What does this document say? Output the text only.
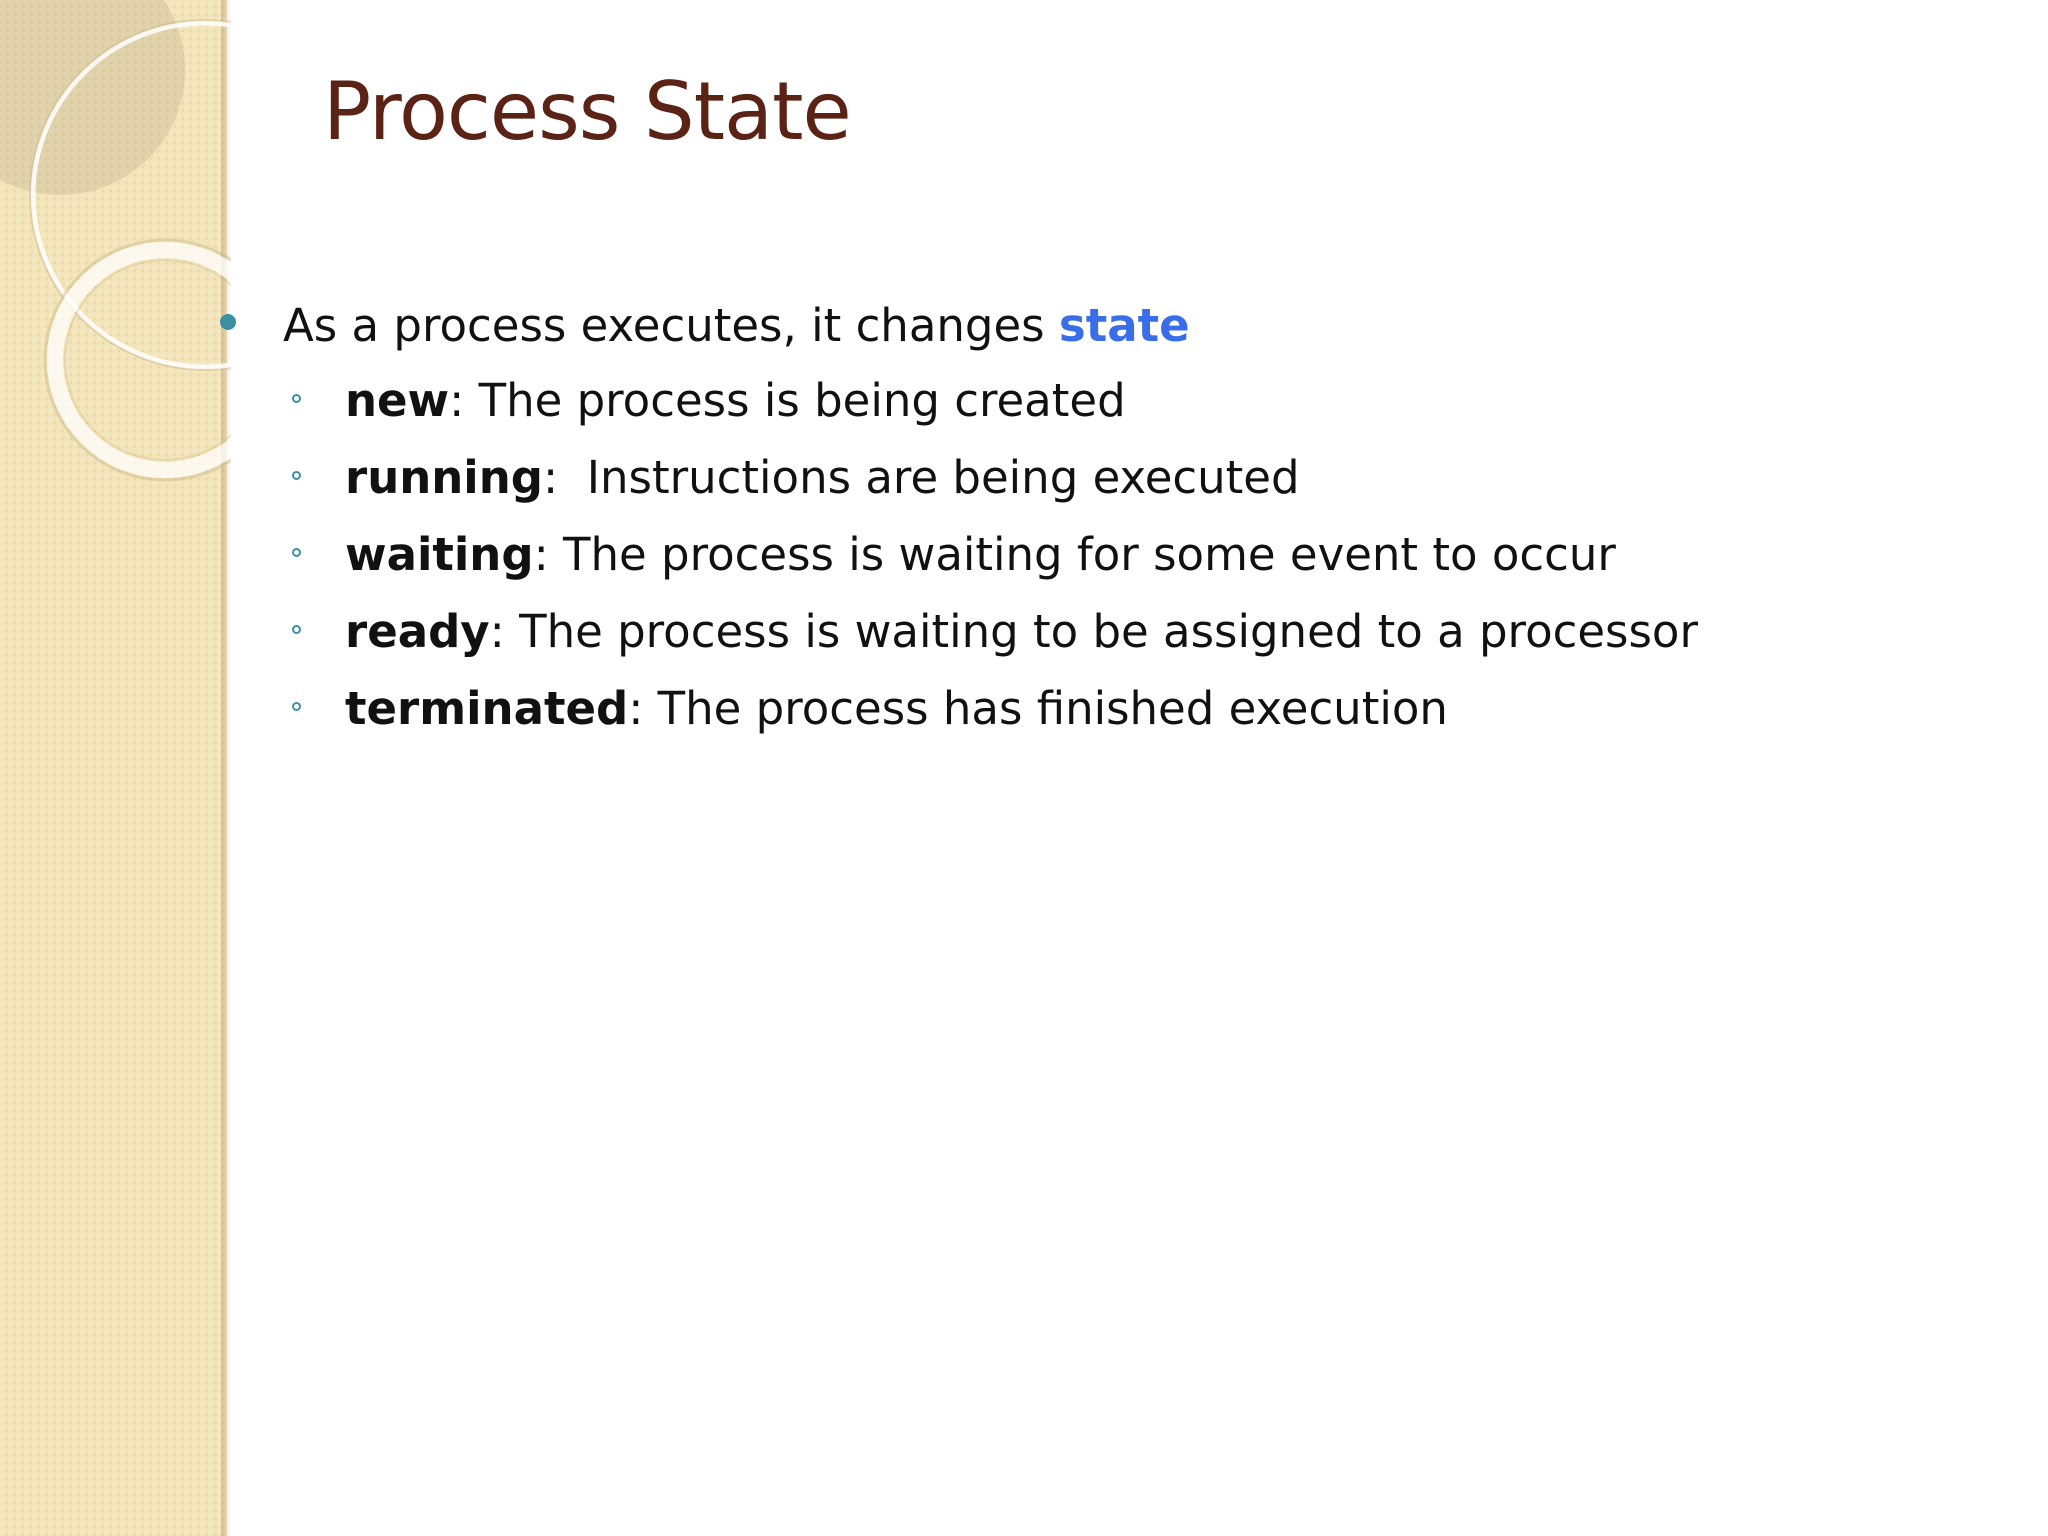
Process State
As a process executes, it changes state
new: The process is being created
running:  Instructions are being executed
waiting: The process is waiting for some event to occur
ready: The process is waiting to be assigned to a processor
terminated: The process has finished execution
